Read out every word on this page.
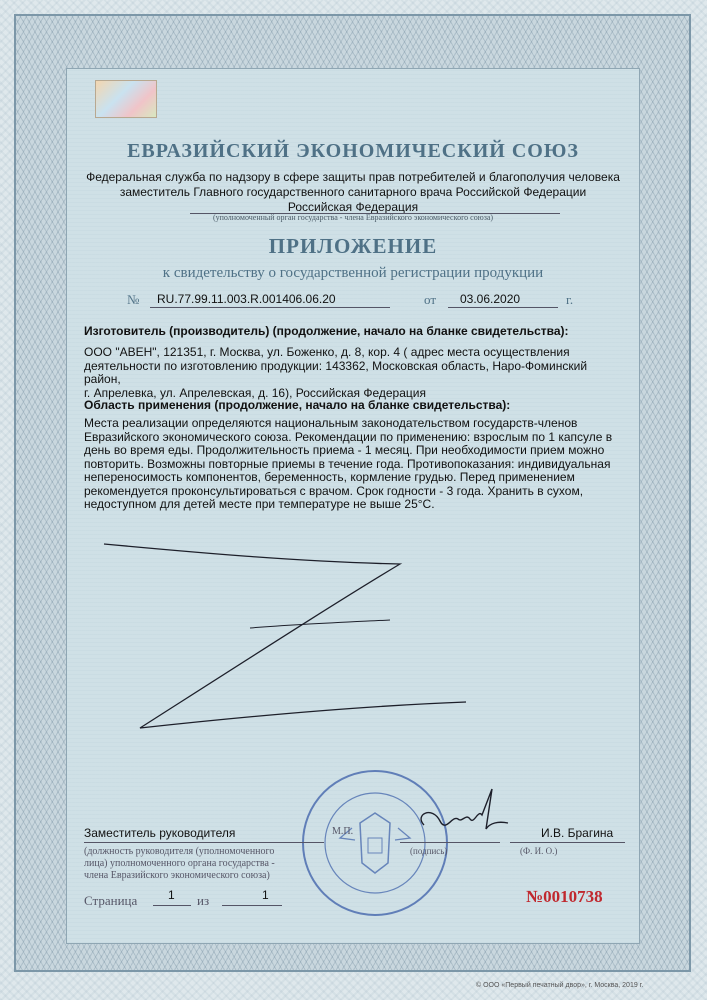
ЕВРАЗИЙСКИЙ ЭКОНОМИЧЕСКИЙ СОЮЗ
Федеральная служба по надзору в сфере защиты прав потребителей и благополучия человека
заместитель Главного государственного санитарного врача Российской Федерации
Российская Федерация
(уполномоченный орган государства - члена Евразийского экономического союза)
ПРИЛОЖЕНИЕ
к свидетельству о государственной регистрации продукции
№ RU.77.99.11.003.R.001406.06.20	от 03.06.2020	г.
Изготовитель (производитель) (продолжение, начало на бланке свидетельства):
ООО "АВЕН", 121351, г. Москва, ул. Боженко, д. 8, кор. 4 ( адрес места осуществления
деятельности по изготовлению продукции: 143362, Московская область, Наро-Фоминский район,
г. Апрелевка, ул. Апрелевская, д. 16), Российская Федерация
Область применения (продолжение, начало на бланке свидетельства):
Места реализации определяются национальным законодательством государств-членов
Евразийского экономического союза. Рекомендации по применению: взрослым по 1 капсуле в
день во время еды. Продолжительность приема - 1 месяц. При необходимости прием можно
повторить. Возможны повторные приемы в течение года. Противопоказания: индивидуальная
непереносимость компонентов, беременность, кормление грудью. Перед применением
рекомендуется проконсультироваться с врачом. Срок годности - 3 года. Хранить в сухом,
недоступном для детей месте при температуре не выше 25°С.
Заместитель руководителя	М.П.	И.В. Брагина
(должность руководителя (уполномоченного
лица) уполномоченного органа государства -
члена Евразийского экономического союза)
(подпись)	(Ф. И. О.)
Страница	1 из	1	№0010738
© ООО «Первый печатный двор», г. Москва, 2019 г.
